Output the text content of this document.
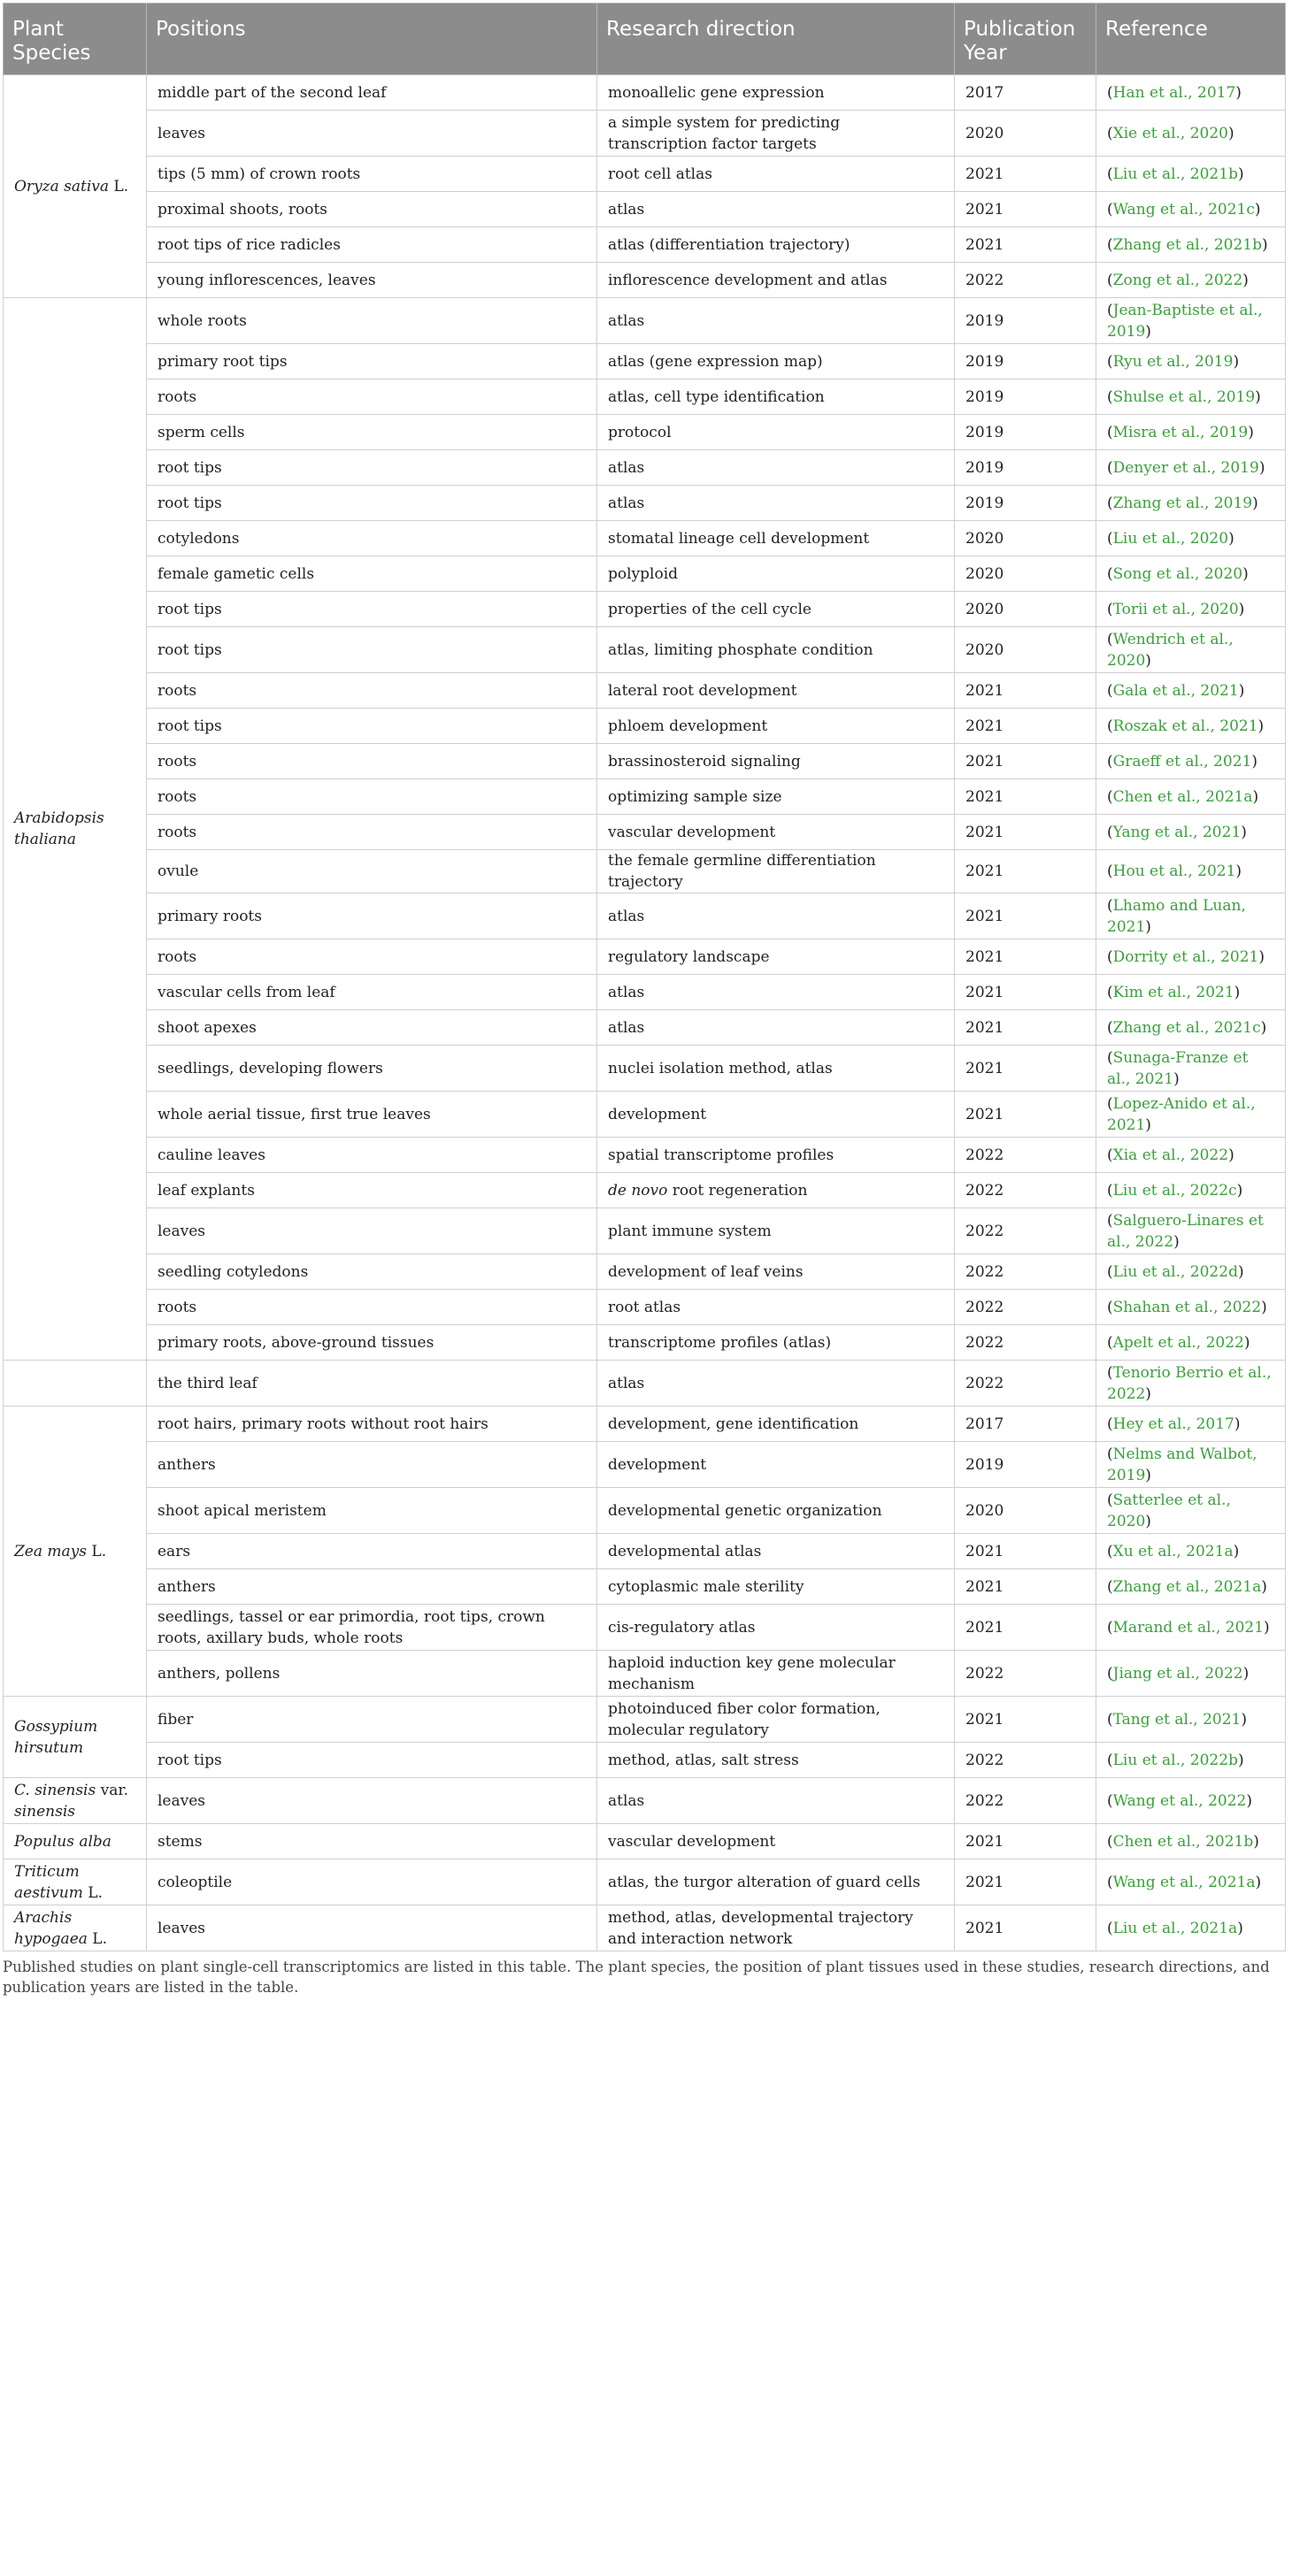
Plant Species	Positions	Research direction	Publication Year	Reference
Oryza sativa L.	middle part of the second leaf	monoallelic gene expression	2017	(Han et al., 2017)
	leaves	a simple system for predicting transcription factor targets	2020	(Xie et al., 2020)
	tips (5 mm) of crown roots	root cell atlas	2021	(Liu et al., 2021b)
	proximal shoots, roots	atlas	2021	(Wang et al., 2021c)
	root tips of rice radicles	atlas (differentiation trajectory)	2021	(Zhang et al., 2021b)
	young inflorescences, leaves	inflorescence development and atlas	2022	(Zong et al., 2022)
Arabidopsis thaliana	whole roots	atlas	2019	(Jean-Baptiste et al., 2019)
	primary root tips	atlas (gene expression map)	2019	(Ryu et al., 2019)
	roots	atlas, cell type identification	2019	(Shulse et al., 2019)
	sperm cells	protocol	2019	(Misra et al., 2019)
	root tips	atlas	2019	(Denyer et al., 2019)
	root tips	atlas	2019	(Zhang et al., 2019)
	cotyledons	stomatal lineage cell development	2020	(Liu et al., 2020)
	female gametic cells	polyploid	2020	(Song et al., 2020)
	root tips	properties of the cell cycle	2020	(Torii et al., 2020)
	root tips	atlas, limiting phosphate condition	2020	(Wendrich et al., 2020)
	roots	lateral root development	2021	(Gala et al., 2021)
	root tips	phloem development	2021	(Roszak et al., 2021)
	roots	brassinosteroid signaling	2021	(Graeff et al., 2021)
	roots	optimizing sample size	2021	(Chen et al., 2021a)
	roots	vascular development	2021	(Yang et al., 2021)
	ovule	the female germline differentiation trajectory	2021	(Hou et al., 2021)
	primary roots	atlas	2021	(Lhamo and Luan, 2021)
	roots	regulatory landscape	2021	(Dorrity et al., 2021)
	vascular cells from leaf	atlas	2021	(Kim et al., 2021)
	shoot apexes	atlas	2021	(Zhang et al., 2021c)
	seedlings, developing flowers	nuclei isolation method, atlas	2021	(Sunaga-Franze et al., 2021)
	whole aerial tissue, first true leaves	development	2021	(Lopez-Anido et al., 2021)
	cauline leaves	spatial transcriptome profiles	2022	(Xia et al., 2022)
	leaf explants	de novo root regeneration	2022	(Liu et al., 2022c)
	leaves	plant immune system	2022	(Salguero-Linares et al., 2022)
	seedling cotyledons	development of leaf veins	2022	(Liu et al., 2022d)
	roots	root atlas	2022	(Shahan et al., 2022)
	primary roots, above-ground tissues	transcriptome profiles (atlas)	2022	(Apelt et al., 2022)
	the third leaf	atlas	2022	(Tenorio Berrio et al., 2022)
Zea mays L.	root hairs, primary roots without root hairs	development, gene identification	2017	(Hey et al., 2017)
	anthers	development	2019	(Nelms and Walbot, 2019)
	shoot apical meristem	developmental genetic organization	2020	(Satterlee et al., 2020)
	ears	developmental atlas	2021	(Xu et al., 2021a)
	anthers	cytoplasmic male sterility	2021	(Zhang et al., 2021a)
	seedlings, tassel or ear primordia, root tips, crown roots, axillary buds, whole roots	cis-regulatory atlas	2021	(Marand et al., 2021)
	anthers, pollens	haploid induction key gene molecular mechanism	2022	(Jiang et al., 2022)
Gossypium hirsutum	fiber	photoinduced fiber color formation, molecular regulatory	2021	(Tang et al., 2021)
	root tips	method, atlas, salt stress	2022	(Liu et al., 2022b)
C. sinensis var. sinensis	leaves	atlas	2022	(Wang et al., 2022)
Populus alba	stems	vascular development	2021	(Chen et al., 2021b)
Triticum aestivum L.	coleoptile	atlas, the turgor alteration of guard cells	2021	(Wang et al., 2021a)
Arachis hypogaea L.	leaves	method, atlas, developmental trajectory and interaction network	2021	(Liu et al., 2021a)
Published studies on plant single-cell transcriptomics are listed in this table. The plant species, the position of plant tissues used in these studies, research directions, and publication years are listed in the table.
